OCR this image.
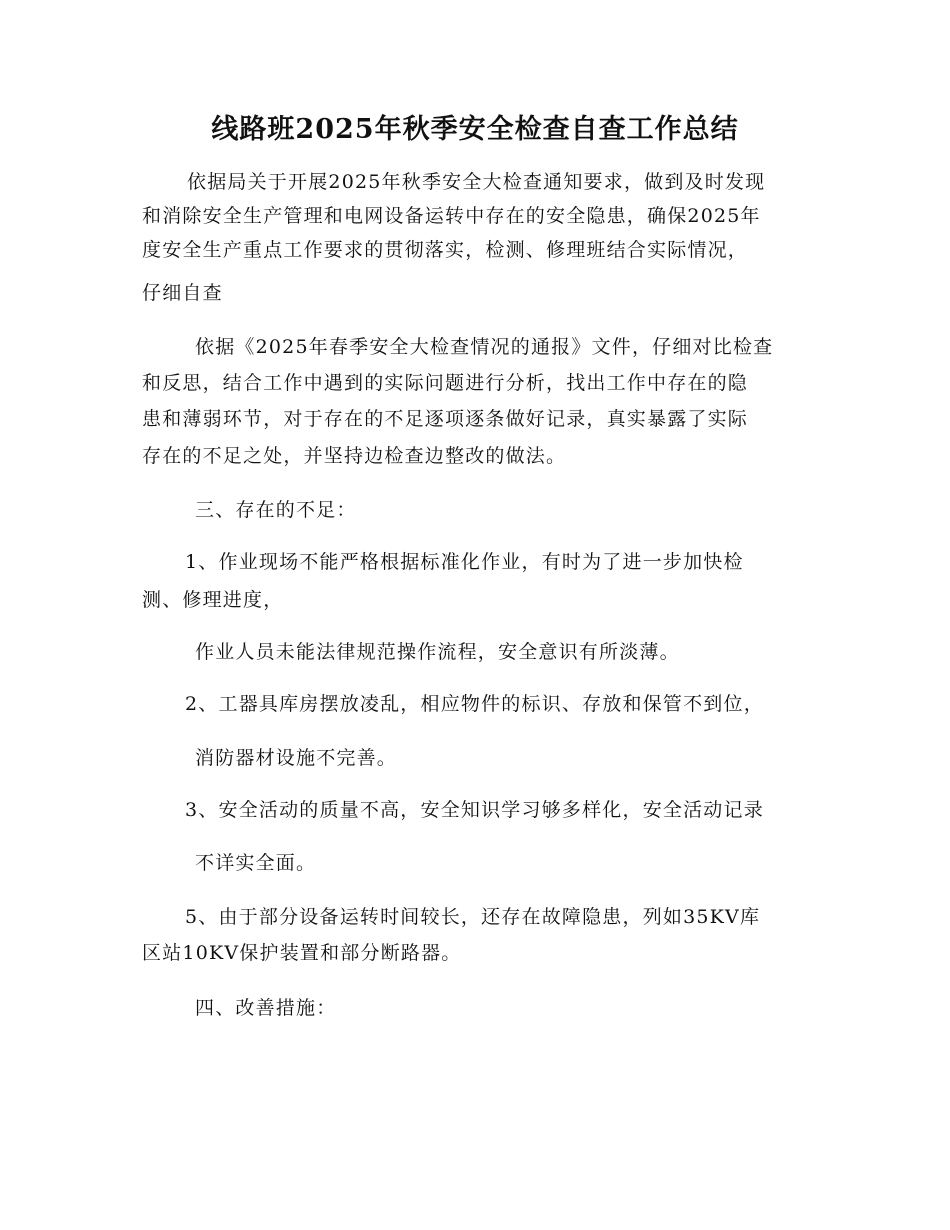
线路班2025年秋季安全检查自查工作总结

依据局关于开展2025年秋季安全大检查通知要求，做到及时发现

和消除安全生产管理和电网设备运转中存在的安全隐患，确保2025年

度安全生产重点工作要求的贯彻落实，检测、修理班结合实际情况，

仔细自查

依据《2025年春季安全大检查情况的通报》文件，仔细对比检查

和反思，结合工作中遇到的实际问题进行分析，找出工作中存在的隐

患和薄弱环节，对于存在的不足逐项逐条做好记录，真实暴露了实际

存在的不足之处，并坚持边检查边整改的做法。

三、存在的不足：

1、作业现场不能严格根据标准化作业，有时为了进一步加快检

测、修理进度，

作业人员未能法律规范操作流程，安全意识有所淡薄。

2、工器具库房摆放凌乱，相应物件的标识、存放和保管不到位，

消防器材设施不完善。

3、安全活动的质量不高，安全知识学习够多样化，安全活动记录

不详实全面。

5、由于部分设备运转时间较长，还存在故障隐患，列如35KV库

区站10KV保护装置和部分断路器。

四、改善措施：
